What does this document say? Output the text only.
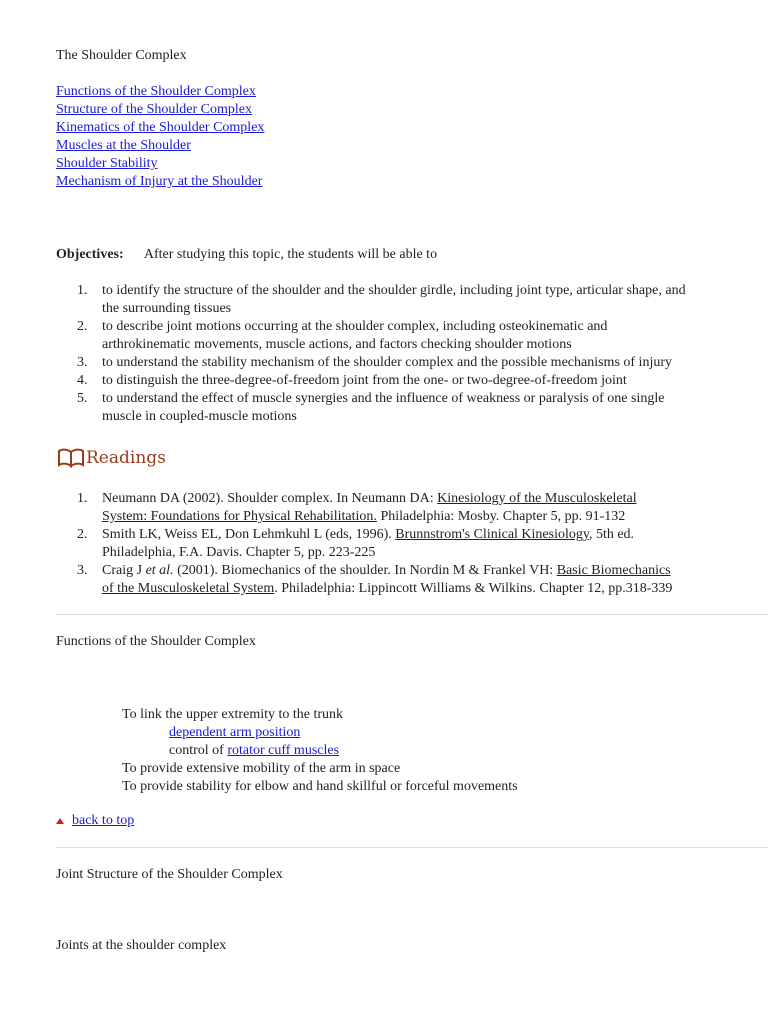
The Shoulder Complex
Functions of the Shoulder Complex
Structure of the Shoulder Complex
Kinematics of the Shoulder Complex
Muscles at the Shoulder
Shoulder Stability
Mechanism of Injury at the Shoulder
Objectives: After studying this topic, the students will be able to
1. to identify the structure of the shoulder and the shoulder girdle, including joint type, articular shape, and
the surrounding tissues
2. to describe joint motions occurring at the shoulder complex, including osteokinematic and
arthrokinematic movements, muscle actions, and factors checking shoulder motions
3. to understand the stability mechanism of the shoulder complex and the possible mechanisms of injury
4. to distinguish the three-degree-of-freedom joint from the one- or two-degree-of-freedom joint
5. to understand the effect of muscle synergies and the influence of weakness or paralysis of one single
muscle in coupled-muscle motions
Readings
1. Neumann DA (2002). Shoulder complex. In Neumann DA: Kinesiology of the Musculoskeletal
System: Foundations for Physical Rehabilitation. Philadelphia: Mosby. Chapter 5, pp. 91-132
2. Smith LK, Weiss EL, Don Lehmkuhl L (eds, 1996). Brunnstrom's Clinical Kinesiology, 5th ed.
Philadelphia, F.A. Davis. Chapter 5, pp. 223-225
3. Craig J et al. (2001). Biomechanics of the shoulder. In Nordin M & Frankel VH: Basic Biomechanics
of the Musculoskeletal System. Philadelphia: Lippincott Williams & Wilkins. Chapter 12, pp.318-339
Functions of the Shoulder Complex
To link the upper extremity to the trunk
dependent arm position
control of rotator cuff muscles
To provide extensive mobility of the arm in space
To provide stability for elbow and hand skillful or forceful movements
back to top
Joint Structure of the Shoulder Complex
Joints at the shoulder complex
